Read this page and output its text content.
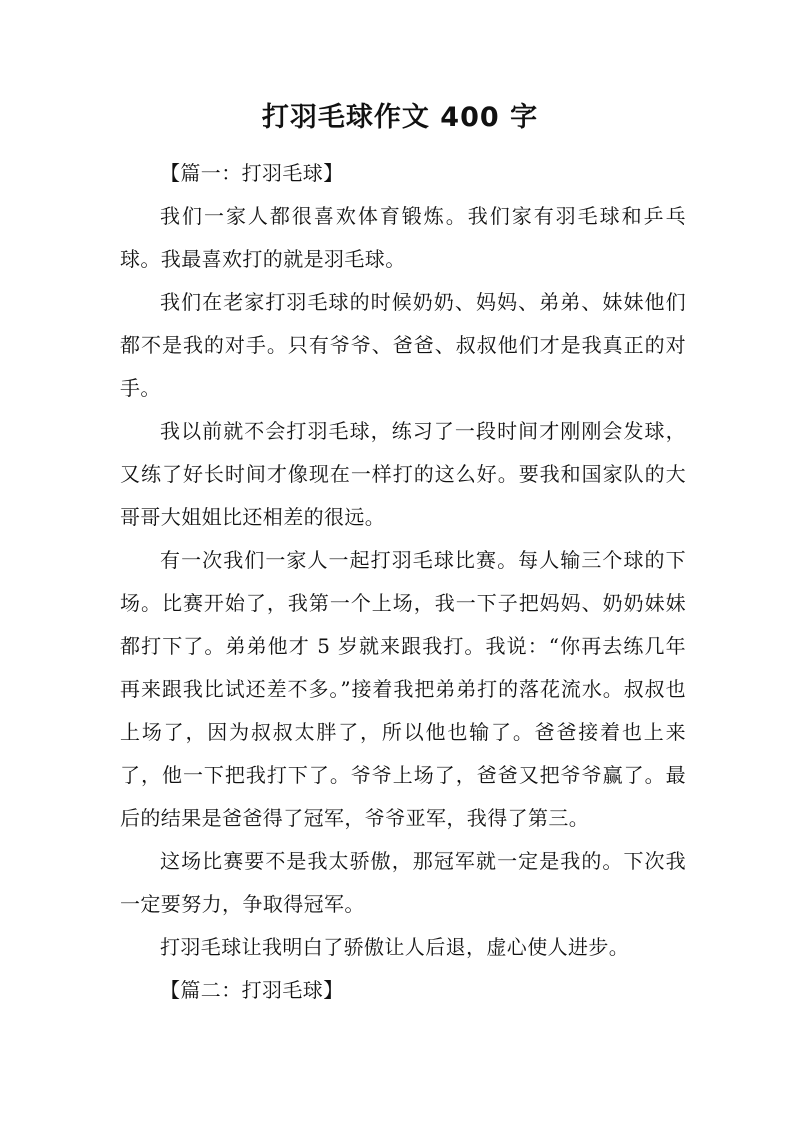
打羽毛球作文 400 字

【篇一：打羽毛球】

我们一家人都很喜欢体育锻炼。我们家有羽毛球和乒乓球。我最喜欢打的就是羽毛球。

我们在老家打羽毛球的时候奶奶、妈妈、弟弟、妹妹他们都不是我的对手。只有爷爷、爸爸、叔叔他们才是我真正的对手。

我以前就不会打羽毛球，练习了一段时间才刚刚会发球，又练了好长时间才像现在一样打的这么好。要我和国家队的大哥哥大姐姐比还相差的很远。

有一次我们一家人一起打羽毛球比赛。每人输三个球的下场。比赛开始了，我第一个上场，我一下子把妈妈、奶奶妹妹都打下了。弟弟他才 5 岁就来跟我打。我说：“你再去练几年再来跟我比试还差不多。”接着我把弟弟打的落花流水。叔叔也上场了，因为叔叔太胖了，所以他也输了。爸爸接着也上来了，他一下把我打下了。爷爷上场了，爸爸又把爷爷赢了。最后的结果是爸爸得了冠军，爷爷亚军，我得了第三。

这场比赛要不是我太骄傲，那冠军就一定是我的。下次我一定要努力，争取得冠军。

打羽毛球让我明白了骄傲让人后退，虚心使人进步。

【篇二：打羽毛球】
